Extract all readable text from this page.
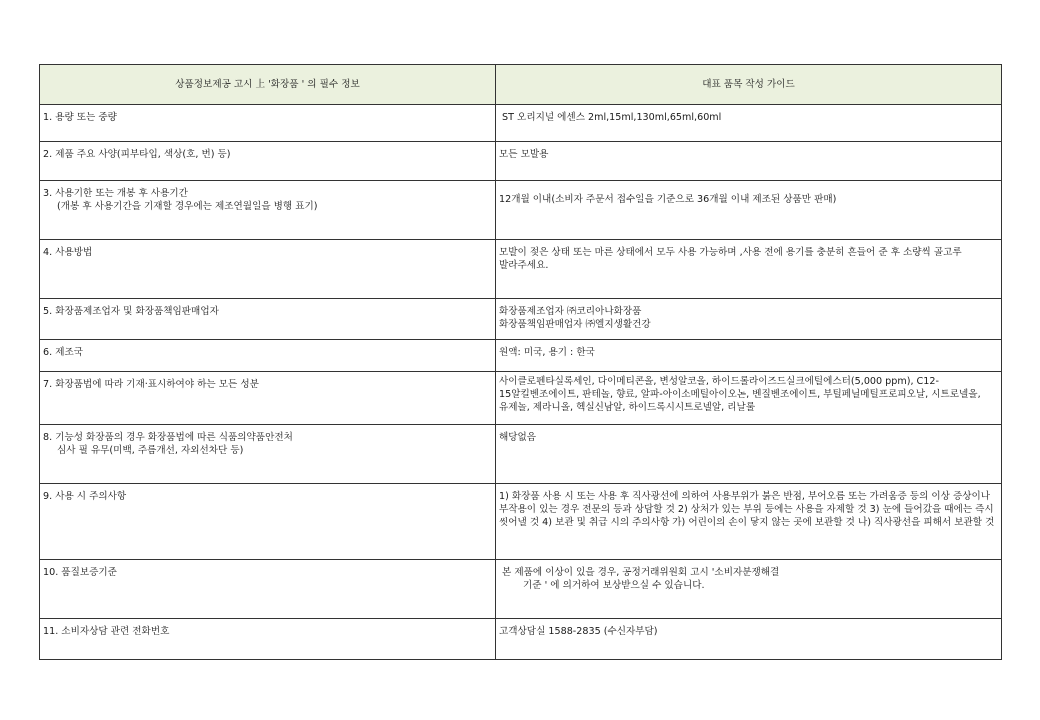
상품정보제공 고시 上 '화장품 ' 의 필수 정보	대표 품목 작성 가이드
1. 용량 또는 중량	ST 오리지널 에센스 2ml,15ml,130ml,65ml,60ml
2. 제품 주요 사양(피부타입, 색상(호, 번) 등)	모든 모발용

3. 사용기한 또는 개봉 후 사용기간
(개봉 후 사용기간을 기재할 경우에는 제조연월일을 병행 표기)	12개월 이내(소비자 주문서 접수일을 기준으로 36개월 이내 제조된 상품만 판매)
4. 사용방법	모발이 젖은 상태 또는 마른 상태에서 모두 사용 가능하며 ,사용 전에 용기를 충분히 흔들어 준 후 소량씩 골고루 발라주세요.
5. 화장품제조업자 및 화장품책임판매업자	화장품제조업자 ㈜코리아나화장품
화장품책임판매업자 ㈜엘지생활건강

6. 제조국	원액: 미국, 용기 : 한국
7. 화장품법에 따라 기재·표시하여야 하는 모든 성분	사이클로펜타실록세인, 다이메티콘올, 변성알코올, 하이드롤라이즈드실크에틸에스터(5,000 ppm), C12-15알킬벤조에이트, 판테놀, 향료, 알파-아이소메틸아이오논, 벤질벤조에이트, 부틸페닐메틸프로피오날, 시트로넬올, 유제놀, 제라니올, 헥실신남알, 하이드록시시트로넬알, 리날룰

8. 기능성 화장품의 경우 화장품법에 따른 식품의약품안전처
심사 필 유무(미백, 주름개선, 자외선차단 등)	해당없음
9. 사용 시 주의사항	1) 화장품 사용 시 또는 사용 후 직사광선에 의하여 사용부위가 붉은 반점, 부어오름 또는 가려움증 등의 이상 증상이나 부작용이 있는 경우 전문의 등과 상담할 것 2) 상처가 있는 부위 등에는 사용을 자제할 것 3) 눈에 들어갔을 때에는 즉시 씻어낼 것 4) 보관 및 취급 시의 주의사항 가) 어린이의 손이 닿지 않는 곳에 보관할 것 나) 직사광선을 피해서 보관할 것
10. 품질보증기준	본 제품에 이상이 있을 경우, 공정거래위원회 고시 '소비자분쟁해결
기준 ' 에 의거하여 보상받으실 수 있습니다.

11. 소비자상담 관련 전화번호	고객상담실 1588-2835 (수신자부담)
